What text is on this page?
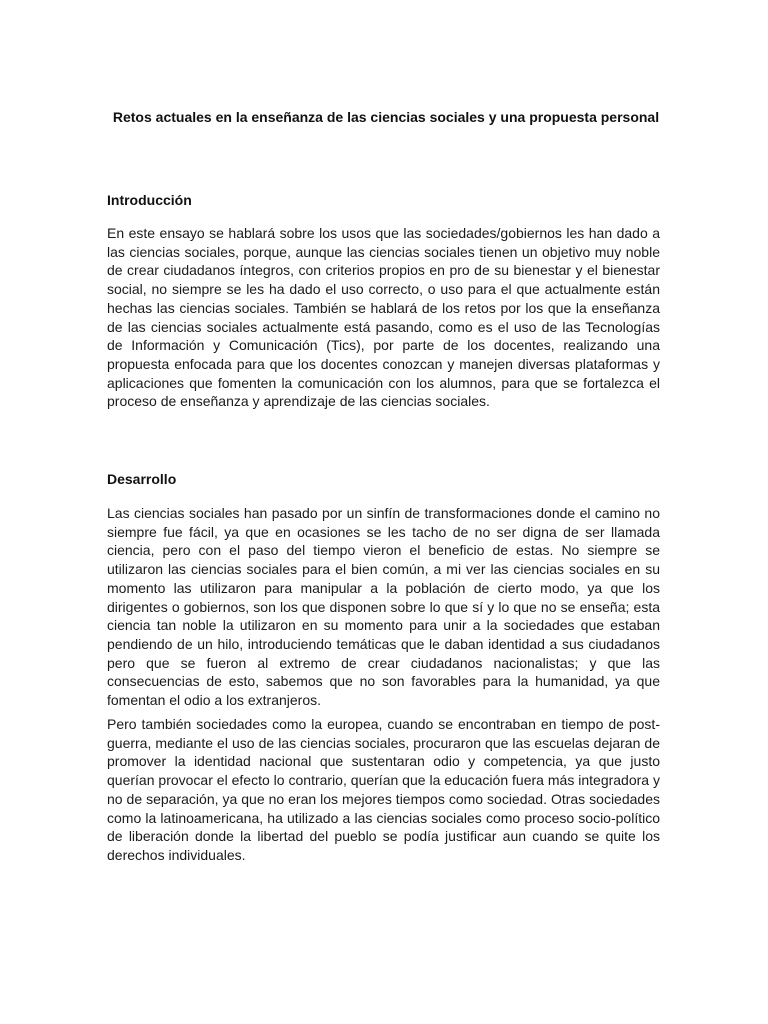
Retos actuales en la enseñanza de las ciencias sociales y una propuesta personal
Introducción

En este ensayo se hablará sobre los usos que las sociedades/gobiernos les han dado a las ciencias sociales, porque, aunque las ciencias sociales tienen un objetivo muy noble de crear ciudadanos íntegros, con criterios propios en pro de su bienestar y el bienestar social, no siempre se les ha dado el uso correcto, o uso para el que actualmente están hechas las ciencias sociales. También se hablará de los retos por los que la enseñanza de las ciencias sociales actualmente está pasando, como es el uso de las Tecnologías de Información y Comunicación (Tics), por parte de los docentes, realizando una propuesta enfocada para que los docentes conozcan y manejen diversas plataformas y aplicaciones que fomenten la comunicación con los alumnos, para que se fortalezca el proceso de enseñanza y aprendizaje de las ciencias sociales.

Desarrollo

Las ciencias sociales han pasado por un sinfín de transformaciones donde el camino no siempre fue fácil, ya que en ocasiones se les tacho de no ser digna de ser llamada ciencia, pero con el paso del tiempo vieron el beneficio de estas. No siempre se utilizaron las ciencias sociales para el bien común, a mi ver las ciencias sociales en su momento las utilizaron para manipular a la población de cierto modo, ya que los dirigentes o gobiernos, son los que disponen sobre lo que sí y lo que no se enseña; esta ciencia tan noble la utilizaron en su momento para unir a la sociedades que estaban pendiendo de un hilo, introduciendo temáticas que le daban identidad a sus ciudadanos pero que se fueron al extremo de crear ciudadanos nacionalistas; y que las consecuencias de esto, sabemos que no son favorables para la humanidad, ya que fomentan el odio a los extranjeros.

Pero también sociedades como la europea, cuando se encontraban en tiempo de post-guerra, mediante el uso de las ciencias sociales, procuraron que las escuelas dejaran de promover la identidad nacional que sustentaran odio y competencia, ya que justo querían provocar el efecto lo contrario, querían que la educación fuera más integradora y no de separación, ya que no eran los mejores tiempos como sociedad. Otras sociedades como la latinoamericana, ha utilizado a las ciencias sociales como proceso socio-político de liberación donde la libertad del pueblo se podía justificar aun cuando se quite los derechos individuales.
